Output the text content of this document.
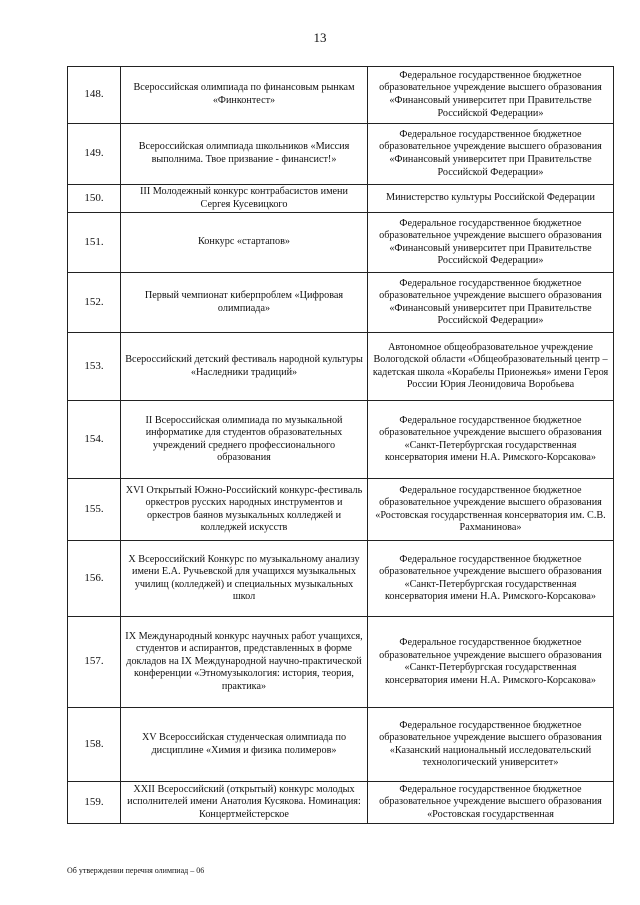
13
148.	Всероссийская олимпиада по финансовым рынкам «Финконтест»	Федеральное государственное бюджетное образовательное учреждение высшего образования «Финансовый университет при Правительстве Российской Федерации»
149.	Всероссийская олимпиада школьников «Миссия выполнима. Твое призвание - финансист!»	Федеральное государственное бюджетное образовательное учреждение высшего образования «Финансовый университет при Правительстве Российской Федерации»
150.	III Молодежный конкурс контрабасистов имени Сергея Кусевицкого	Министерство культуры Российской Федерации
151.	Конкурс «стартапов»	Федеральное государственное бюджетное образовательное учреждение высшего образования «Финансовый университет при Правительстве Российской Федерации»
152.	Первый чемпионат киберпроблем «Цифровая олимпиада»	Федеральное государственное бюджетное образовательное учреждение высшего образования «Финансовый университет при Правительстве Российской Федерации»
153.	Всероссийский детский фестиваль народной культуры «Наследники традиций»	Автономное общеобразовательное учреждение Вологодской области «Общеобразовательный центр – кадетская школа «Корабелы Прионежья» имени Героя России Юрия Леонидовича Воробьева
154.	II Всероссийская олимпиада по музыкальной информатике для студентов образовательных учреждений среднего профессионального образования	Федеральное государственное бюджетное образовательное учреждение высшего образования «Санкт-Петербургская государственная консерватория имени Н.А. Римского-Корсакова»
155.	XVI Открытый Южно-Российский конкурс-фестиваль оркестров русских народных инструментов и оркестров баянов музыкальных колледжей и колледжей искусств	Федеральное государственное бюджетное образовательное учреждение высшего образования «Ростовская государственная консерватория им. С.В. Рахманинова»
156.	X Всероссийский Конкурс по музыкальному анализу имени Е.А. Ручьевской для учащихся музыкальных училищ (колледжей) и специальных музыкальных школ	Федеральное государственное бюджетное образовательное учреждение высшего образования «Санкт-Петербургская государственная консерватория имени Н.А. Римского-Корсакова»
157.	IX Международный конкурс научных работ учащихся, студентов и аспирантов, представленных в форме докладов на IX Международной научно-практической конференции «Этномузыкология: история, теория, практика»	Федеральное государственное бюджетное образовательное учреждение высшего образования «Санкт-Петербургская государственная консерватория имени Н.А. Римского-Корсакова»
158.	XV Всероссийская студенческая олимпиада по дисциплине «Химия и физика полимеров»	Федеральное государственное бюджетное образовательное учреждение высшего образования «Казанский национальный исследовательский технологический университет»
159.	XXII Всероссийский (открытый) конкурс молодых исполнителей имени Анатолия Кусякова. Номинация: Концертмейстерское	Федеральное государственное бюджетное образовательное учреждение высшего образования «Ростовская государственная
Об утверждении перечня олимпиад – 06
